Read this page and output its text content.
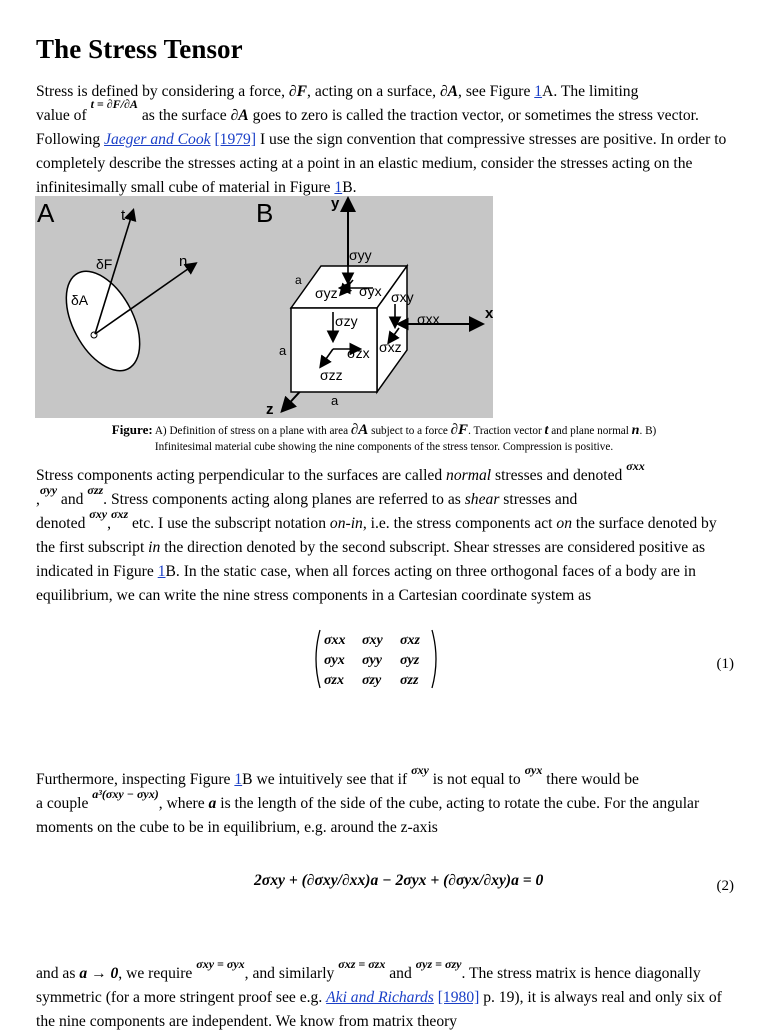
The Stress Tensor
Stress is defined by considering a force, ∂F, acting on a surface, ∂A, see Figure 1A. The limiting
value of $^{t = \partial F/\partial A}$ as the surface ∂A goes to zero is called the traction vector, or sometimes the stress vector. Following Jaeger and Cook [1979] I use the sign convention that compressive stresses are positive. In order to completely describe the stresses acting at a point in an elastic medium, consider the stresses acting on the infinitesimally small cube of material in Figure 1B.
A	t
δF	n
δA
B	y
x
z
σyy
σyz σyx σxy
σxx
σzy
σzx σxz
σzz
a
a
a
Figure: A) Definition of stress on a plane with area ∂A subject to a force ∂F. Traction vector t and plane normal n. B)
Infinitesimal material cube showing the nine components of the stress tensor. Compression is positive.
Stress components acting perpendicular to the surfaces are called normal stresses and denoted $^{\sigma xx}$
,$^{\sigma yy}$ and $^{\sigma zz}$. Stress components acting along planes are referred to as shear stresses and
denoted $^{\sigma xy}$,$^{\sigma xz}$ etc. I use the subscript notation on-in, i.e. the stress components act on the surface denoted by the first subscript in the direction denoted by the second subscript. Shear stresses are considered positive as indicated in Figure 1B. In the static case, when all forces acting on three orthogonal faces of a body are in equilibrium, we can write the nine stress components in a Cartesian coordinate system as
σxx σxy σxz
σyx σyy σyz
σzx σzy σzz
(1)
Furthermore, inspecting Figure 1B we intuitively see that if $^{\sigma xy}$ is not equal to $^{\sigma yx}$ there would be
a couple $^{a^3(\sigma xy - \sigma yx)}$, where a is the length of the side of the cube, acting to rotate the cube. For the angular moments on the cube to be in equilibrium, e.g. around the z-axis
2σxy + (∂σxy/∂xx)a − 2σyx + (∂σyx/∂xy)a = 0	(2)
and as a → 0, we require $^{\sigma xy = \sigma yx}$, and similarly $^{\sigma xz = \sigma zx}$ and $^{\sigma yz = \sigma zy}$. The stress matrix is hence diagonally symmetric (for a more stringent proof see e.g. Aki and Richards [1980] p. 19), it is always real and only six of the nine components are independent. We know from matrix theory
